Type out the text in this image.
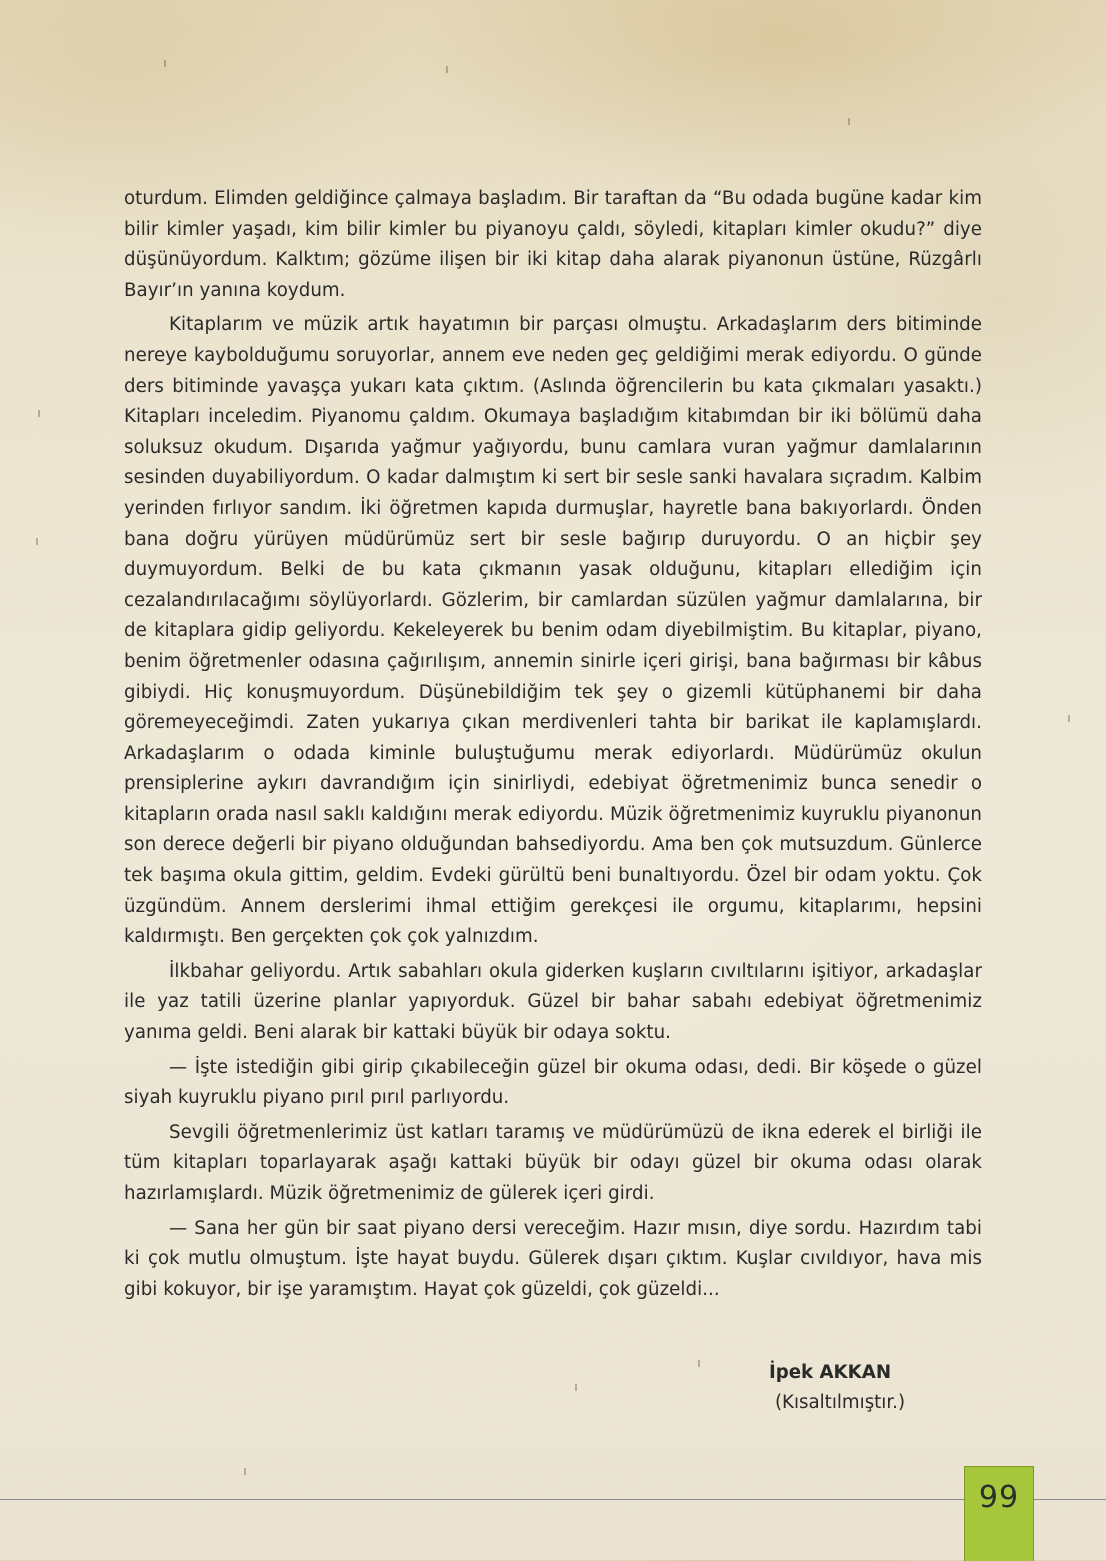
oturdum. Elimden geldiğince çalmaya başladım. Bir taraftan da “Bu odada bugüne kadar kim bilir kimler yaşadı, kim bilir kimler bu piyanoyu çaldı, söyledi, kitapları kimler okudu?” diye düşünüyordum. Kalktım; gözüme ilişen bir iki kitap daha alarak piyanonun üstüne, Rüzgârlı Bayır’ın yanına koydum.

Kitaplarım ve müzik artık hayatımın bir parçası olmuştu. Arkadaşlarım ders bitiminde nereye kaybolduğumu soruyorlar, annem eve neden geç geldiğimi merak ediyordu. O günde ders bitiminde yavaşça yukarı kata çıktım. (Aslında öğrencilerin bu kata çıkmaları yasaktı.) Kitapları inceledim. Piyanomu çaldım. Okumaya başladığım kitabımdan bir iki bölümü daha soluksuz okudum. Dışarıda yağmur yağıyordu, bunu camlara vuran yağmur damlalarının sesinden duyabiliyordum. O kadar dalmıştım ki sert bir sesle sanki havalara sıçradım. Kalbim yerinden fırlıyor sandım. İki öğretmen kapıda durmuşlar, hayretle bana bakıyorlardı. Önden bana doğru yürüyen müdürümüz sert bir sesle bağırıp duruyordu. O an hiçbir şey duymuyordum. Belki de bu kata çıkmanın yasak olduğunu, kitapları ellediğim için cezalandırılacağımı söylüyorlardı. Gözlerim, bir camlardan süzülen yağmur damlalarına, bir de kitaplara gidip geliyordu. Kekeleyerek bu benim odam diyebilmiştim. Bu kitaplar, piyano, benim öğretmenler odasına çağırılışım, annemin sinirle içeri girişi, bana bağırması bir kâbus gibiydi. Hiç konuşmuyordum. Düşünebildiğim tek şey o gizemli kütüphanemi bir daha göremeyeceğimdi. Zaten yukarıya çıkan merdivenleri tahta bir barikat ile kaplamışlardı. Arkadaşlarım o odada kiminle buluştuğumu merak ediyorlardı. Müdürümüz okulun prensiplerine aykırı davrandığım için sinirliydi, edebiyat öğretmenimiz bunca senedir o kitapların orada nasıl saklı kaldığını merak ediyordu. Müzik öğretmenimiz kuyruklu piyanonun son derece değerli bir piyano olduğundan bahsediyordu. Ama ben çok mutsuzdum. Günlerce tek başıma okula gittim, geldim. Evdeki gürültü beni bunaltıyordu. Özel bir odam yoktu. Çok üzgündüm. Annem derslerimi ihmal ettiğim gerekçesi ile orgumu, kitaplarımı, hepsini kaldırmıştı. Ben gerçekten çok çok yalnızdım.

İlkbahar geliyordu. Artık sabahları okula giderken kuşların cıvıltılarını işitiyor, arkadaşlar ile yaz tatili üzerine planlar yapıyorduk. Güzel bir bahar sabahı edebiyat öğretmenimiz yanıma geldi. Beni alarak bir kattaki büyük bir odaya soktu.

— İşte istediğin gibi girip çıkabileceğin güzel bir okuma odası, dedi. Bir köşede o güzel siyah kuyruklu piyano pırıl pırıl parlıyordu.

Sevgili öğretmenlerimiz üst katları taramış ve müdürümüzü de ikna ederek el birliği ile tüm kitapları toparlayarak aşağı kattaki büyük bir odayı güzel bir okuma odası olarak hazırlamışlardı. Müzik öğretmenimiz de gülerek içeri girdi.

— Sana her gün bir saat piyano dersi vereceğim. Hazır mısın, diye sordu. Hazırdım tabi ki çok mutlu olmuştum. İşte hayat buydu. Gülerek dışarı çıktım. Kuşlar cıvıldıyor, hava mis gibi kokuyor, bir işe yaramıştım. Hayat çok güzeldi, çok güzeldi...

İpek AKKAN
(Kısaltılmıştır.)
99
